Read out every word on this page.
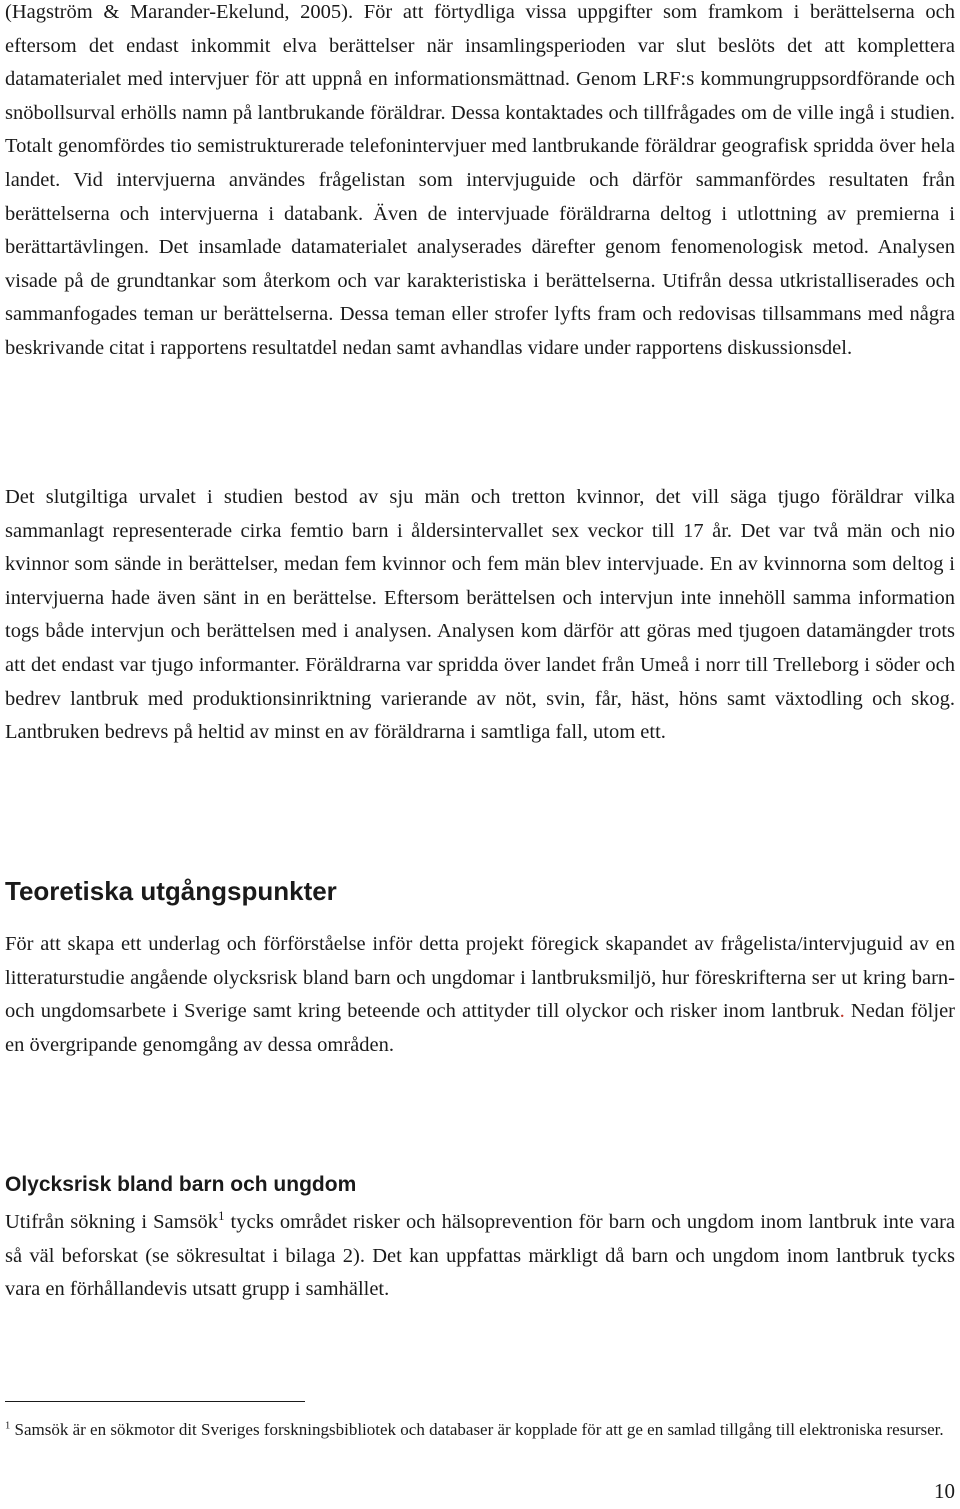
(Hagström & Marander-Ekelund, 2005). För att förtydliga vissa uppgifter som framkom i berättelserna och eftersom det endast inkommit elva berättelser när insamlingsperioden var slut beslöts det att komplettera datamaterialet med intervjuer för att uppnå en informationsmättnad. Genom LRF:s kommungruppsordförande och snöbollsurval erhölls namn på lantbrukande föräldrar. Dessa kontaktades och tillfrågades om de ville ingå i studien. Totalt genomfördes tio semistrukturerade telefonintervjuer med lantbrukande föräldrar geografisk spridda över hela landet. Vid intervjuerna användes frågelistan som intervjuguide och därför sammanfördes resultaten från berättelserna och intervjuerna i databank. Även de intervjuade föräldrarna deltog i utlottning av premierna i berättartävlingen. Det insamlade datamaterialet analyserades därefter genom fenomenologisk metod. Analysen visade på de grundtankar som återkom och var karakteristiska i berättelserna. Utifrån dessa utkristalliserades och sammanfogades teman ur berättelserna. Dessa teman eller strofer lyfts fram och redovisas tillsammans med några beskrivande citat i rapportens resultatdel nedan samt avhandlas vidare under rapportens diskussionsdel.

Det slutgiltiga urvalet i studien bestod av sju män och tretton kvinnor, det vill säga tjugo föräldrar vilka sammanlagt representerade cirka femtio barn i åldersintervallet sex veckor till 17 år. Det var två män och nio kvinnor som sände in berättelser, medan fem kvinnor och fem män blev intervjuade. En av kvinnorna som deltog i intervjuerna hade även sänt in en berättelse. Eftersom berättelsen och intervjun inte innehöll samma information togs både intervjun och berättelsen med i analysen. Analysen kom därför att göras med tjugoen datamängder trots att det endast var tjugo informanter. Föräldrarna var spridda över landet från Umeå i norr till Trelleborg i söder och bedrev lantbruk med produktionsinriktning varierande av nöt, svin, får, häst, höns samt växtodling och skog. Lantbruken bedrevs på heltid av minst en av föräldrarna i samtliga fall, utom ett.

Teoretiska utgångspunkter

För att skapa ett underlag och förförståelse inför detta projekt föregick skapandet av frågelista/intervjuguid av en litteraturstudie angående olycksrisk bland barn och ungdomar i lantbruksmiljö, hur föreskrifterna ser ut kring barn- och ungdomsarbete i Sverige samt kring beteende och attityder till olyckor och risker inom lantbruk. Nedan följer en övergripande genomgång av dessa områden.

Olycksrisk bland barn och ungdom

Utifrån sökning i Samsök$^1$ tycks området risker och hälsoprevention för barn och ungdom inom lantbruk inte vara så väl beforskat (se sökresultat i bilaga 2). Det kan uppfattas märkligt då barn och ungdom inom lantbruk tycks vara en förhållandevis utsatt grupp i samhället.

$^1$ Samsök är en sökmotor dit Sveriges forskningsbibliotek och databaser är kopplade för att ge en samlad tillgång till elektroniska resurser.

10
